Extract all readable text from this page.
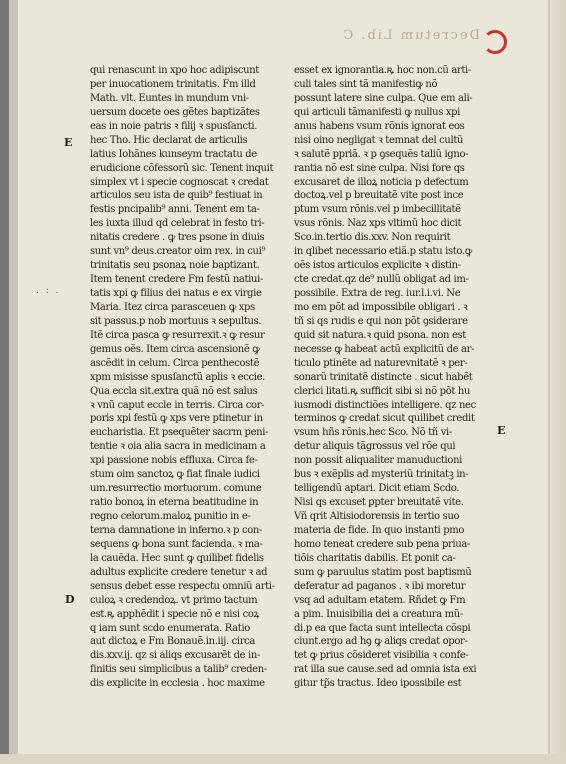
Decretum Lib. C
E
D
E
. : .
qui renascunt in xpo hoc adipiscunt
per inuocationem trinitatis. Fm illd
Math. vlt. Euntes in mundum vni-
uersum docete oes gẽtes baptizãtes
eas in noie patris ꝛ filij ꝛ spusſancti.
hec Tho. Hic declarat de articulis
latius Iohãnes kunseym tractatu de
erudicione cõfessorũ sic. Tenent inquit
simplex vt i specie cognoscat ꝛ credat
articulos seu ista de quib⁹ festiuat in
festis pncipalib⁹ anni. Tenent em ta-
les iuxta illud qd celebrat in festo tri-
nitatis credere . ꝙ tres psone in diuis
sunt vn⁹ deus.creator oim rex. in cui⁹
trinitatis seu psonaꝝ noie baptizant.
Item tenent credere Fm festũ natiui-
tatis xpi ꝙ filius dei natus e ex virgie
Maria. Itez circa parasceuen ꝙ xps
sit passus.p nob mortuus ꝛ sepultus.
Itẽ circa pasca ꝙ resurrexit.ꝛ ꝙ resur
gemus oẽs. Item circa ascensionẽ ꝙ
ascẽdit in celum. Circa penthecostẽ
xpm misisse spusſanctũ aplis ꝛ eccie.
Qua eccla sit.extra quã nõ est salus
ꝛ vnũ caput eccle in terris. Circa cor-
poris xpi festũ ꝙ xps vere ptinetur in
eucharistia. Et psequẽter sacrm peni-
tentie ꝛ oia alia sacra in medicinam a
xpi passione nobis effluxa. Circa fe-
stum oim sanctoꝝ ꝙ fiat finale iudici
um.resurrectio mortuorum. comune
ratio bonoꝝ in eterna beatitudine in
regno celorum.maloꝝ punitio in e-
terna damnatione in inferno.ꝛ p con-
sequens ꝙ bona sunt facienda. ꝛ ma-
la cauẽda. Hec sunt ꝙ quilibet fidelis
adultus explicite credere tenetur ꝛ ad
sensus debet esse respectu omniũ arti-
culoꝝ ꝛ credendoꝝ. vt primo tactum
est.ꝶ apphẽdit i specie nõ e nisi coꝝ
q iam sunt scdo enumerata. Ratio
aut dictoꝝ e Fm Bonauẽ.in.iij. circa
dis.xxv.ij. qz si aliqs excusarẽt de in-
finitis seu simplicibus a talib⁹ creden-
dis explicite in ecclesia . hoc maxime
esset ex ignorantia.ꝶ hoc non.cũ arti-
culi tales sint tã manifestiꝙ nõ
possunt latere sine culpa. Que em ali-
qui articuli tãmanifesti ꝙ nullus xpi
anus habens vsum rõnis ignorat eos
nisi oino negligat ꝛ temnat del cultũ
ꝛ salutẽ ppriã. ꝛ p ꝯsequẽs taliũ igno-
rantia nõ est sine culpa. Nisi fore qs
excusaret de illoꝝ noticia p defectum
doctoꝝ.vel p breuitatẽ vite post ince
ptum vsum rõnis.vel p imbecillitatẽ
vsus rõnis. Naz xps vltimũ hoc dicit
Sco.in.tertio dis.xxv. Non requirit
in qlibet necessario etiã.p statu isto.ꝙ
oẽs istos articulos explicite ꝛ distin-
cte credat.qz de⁹ nullũ obligat ad im-
possibile. Extra de reg. iur.l.i.vi. Ne
mo em põt ad impossibile obligari . ꝛ
tñ si qs rudis e qui non põt ꝯsiderare
quid sit natura.ꝛ quid psona. non est
necesse ꝙ habeat actũ explicitũ de ar-
ticulo ptinẽte ad naturevnitatẽ ꝛ per-
sonarũ trinitatẽ distincte . sicut habẽt
clerici litati.ꝶ sufficit sibi si nõ põt hu
iusmodi distinctiões intelligere. qz nec
terminos ꝙ credat sicut quilibet credit
vsum hñs rõnis.hec Sco. Nõ tñ vi-
detur aliquis tãgrossus vel rõe qui
non possit aliqualiter manuductioni
bus ꝛ exẽplis ad mysteriũ trinitatꝫ in-
telligendũ aptari. Dicit etiam Scdo.
Nisi qs excuset ꝑpter breuitatẽ vite.
Vñ qrit Altisiodorensis in tertio suo
materia de fide. In quo instanti pmo
homo teneat credere sub pena priua-
tiõis charitatis dabilis. Et ponit ca-
sum ꝙ paruulus statim post baptismũ
deferatur ad paganos . ꝛ ibi moretur
vsq ad adultam etatem. Rñdet ꝙ Fm
a pim. Inuisibilia dei a creatura mũ-
di.p ea que facta sunt intellecta cõspi
ciunt.ergo ad hꝯ ꝙ aliqs credat opor-
tet ꝙ prius cõsideret visibilia ꝛ confe-
rat illa sue cause.sed ad omnia ista exi
gitur tp̃s tractus. Ideo ipossibile est
